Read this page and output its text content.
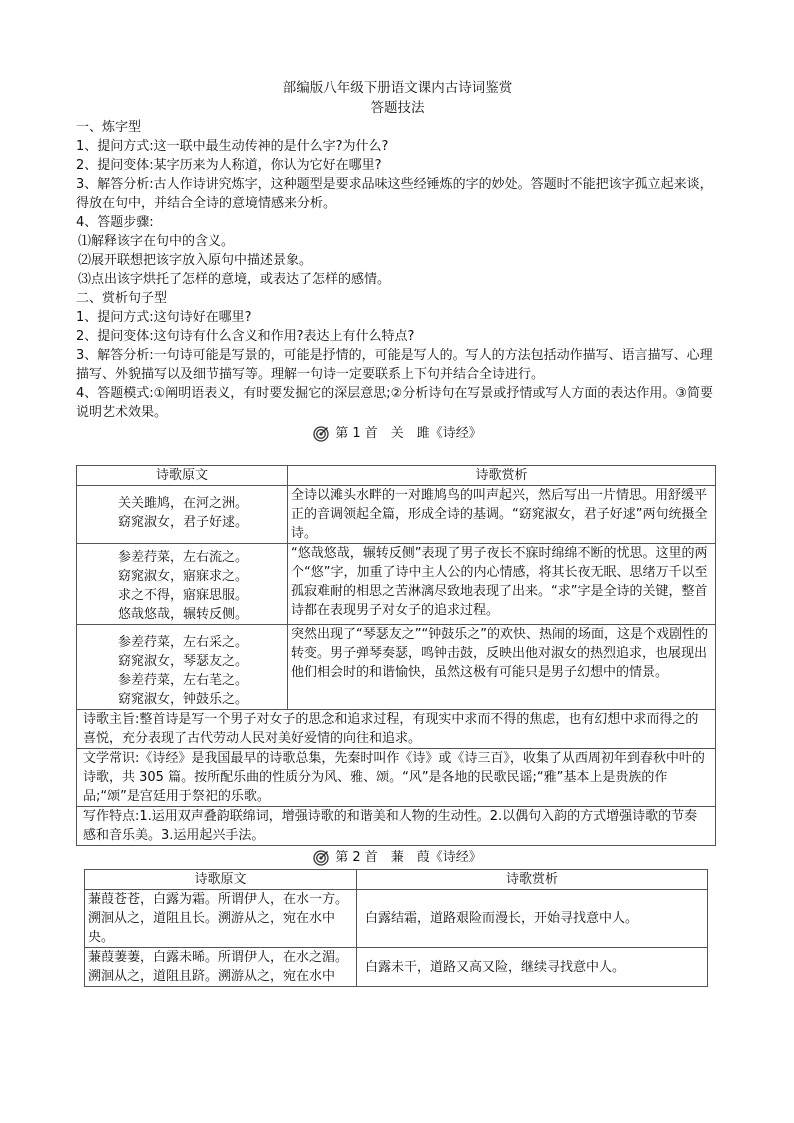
部编版八年级下册语文课内古诗词鉴赏

答题技法

一、炼字型

1、提问方式:这一联中最生动传神的是什么字?为什么?

2、提问变体:某字历来为人称道，你认为它好在哪里?

3、解答分析:古人作诗讲究炼字，这种题型是要求品味这些经锤炼的字的妙处。答题时不能把该字孤立起来谈，得放在句中，并结合全诗的意境情感来分析。

4、答题步骤:

⑴解释该字在句中的含义。

⑵展开联想把该字放入原句中描述景象。

⑶点出该字烘托了怎样的意境，或表达了怎样的感情。

二、赏析句子型

1、提问方式:这句诗好在哪里?

2、提问变体:这句诗有什么含义和作用?表达上有什么特点?

3、解答分析:一句诗可能是写景的，可能是抒情的，可能是写人的。写人的方法包括动作描写、语言描写、心理描写、外貌描写以及细节描写等。理解一句诗一定要联系上下句并结合全诗进行。

4、答题模式:①阐明语表义，有时要发掘它的深层意思;②分析诗句在写景或抒情或写人方面的表达作用。③简要说明艺术效果。

第 1 首　关　雎《诗经》
诗歌原文	诗歌赏析

关关雎鸠，在河之洲。
窈窕淑女，君子好逑。	全诗以滩头水畔的一对雎鸠鸟的叫声起兴，然后写出一片情思。用舒缓平正的音调领起全篇，形成全诗的基调。“窈窕淑女，君子好逑”两句统摄全诗。

参差荇菜，左右流之。
窈窕淑女，寤寐求之。
求之不得，寤寐思服。
悠哉悠哉，辗转反侧。	“悠哉悠哉，辗转反侧”表现了男子夜长不寐时绵绵不断的忧思。这里的两个“悠”字，加重了诗中主人公的内心情感，将其长夜无眠、思绪万千以至孤寂难耐的相思之苦淋漓尽致地表现了出来。“求”字是全诗的关键，整首诗都在表现男子对女子的追求过程。

参差荇菜，左右采之。
窈窕淑女，琴瑟友之。
参差荇菜，左右芼之。
窈窕淑女，钟鼓乐之。	突然出现了“琴瑟友之”“钟鼓乐之”的欢快、热闹的场面，这是个戏剧性的转变。男子弹琴奏瑟，鸣钟击鼓，反映出他对淑女的热烈追求，也展现出他们相会时的和谐愉快，虽然这极有可能只是男子幻想中的情景。
诗歌主旨:整首诗是写一个男子对女子的思念和追求过程，有现实中求而不得的焦虑，也有幻想中求而得之的喜悦，充分表现了古代劳动人民对美好爱情的向往和追求。	
文学常识:《诗经》是我国最早的诗歌总集，先秦时叫作《诗》或《诗三百》，收集了从西周初年到春秋中叶的诗歌，共 305 篇。按所配乐曲的性质分为风、雅、颂。“风”是各地的民歌民谣;“雅”基本上是贵族的作品;“颂”是宫廷用于祭祀的乐歌。	
写作特点:1.运用双声叠韵联绵词，增强诗歌的和谐美和人物的生动性。2.以偶句入韵的方式增强诗歌的节奏感和音乐美。3.运用起兴手法。	
第 2 首　蒹　葭《诗经》
诗歌原文	诗歌赏析
蒹葭苍苍，白露为霜。所谓伊人，在水一方。溯洄从之，道阻且长。溯游从之，宛在水中央。	白露结霜，道路艰险而漫长，开始寻找意中人。
蒹葭萋萋，白露未晞。所谓伊人，在水之湄。溯洄从之，道阻且跻。溯游从之，宛在水中	白露未干，道路又高又险，继续寻找意中人。
